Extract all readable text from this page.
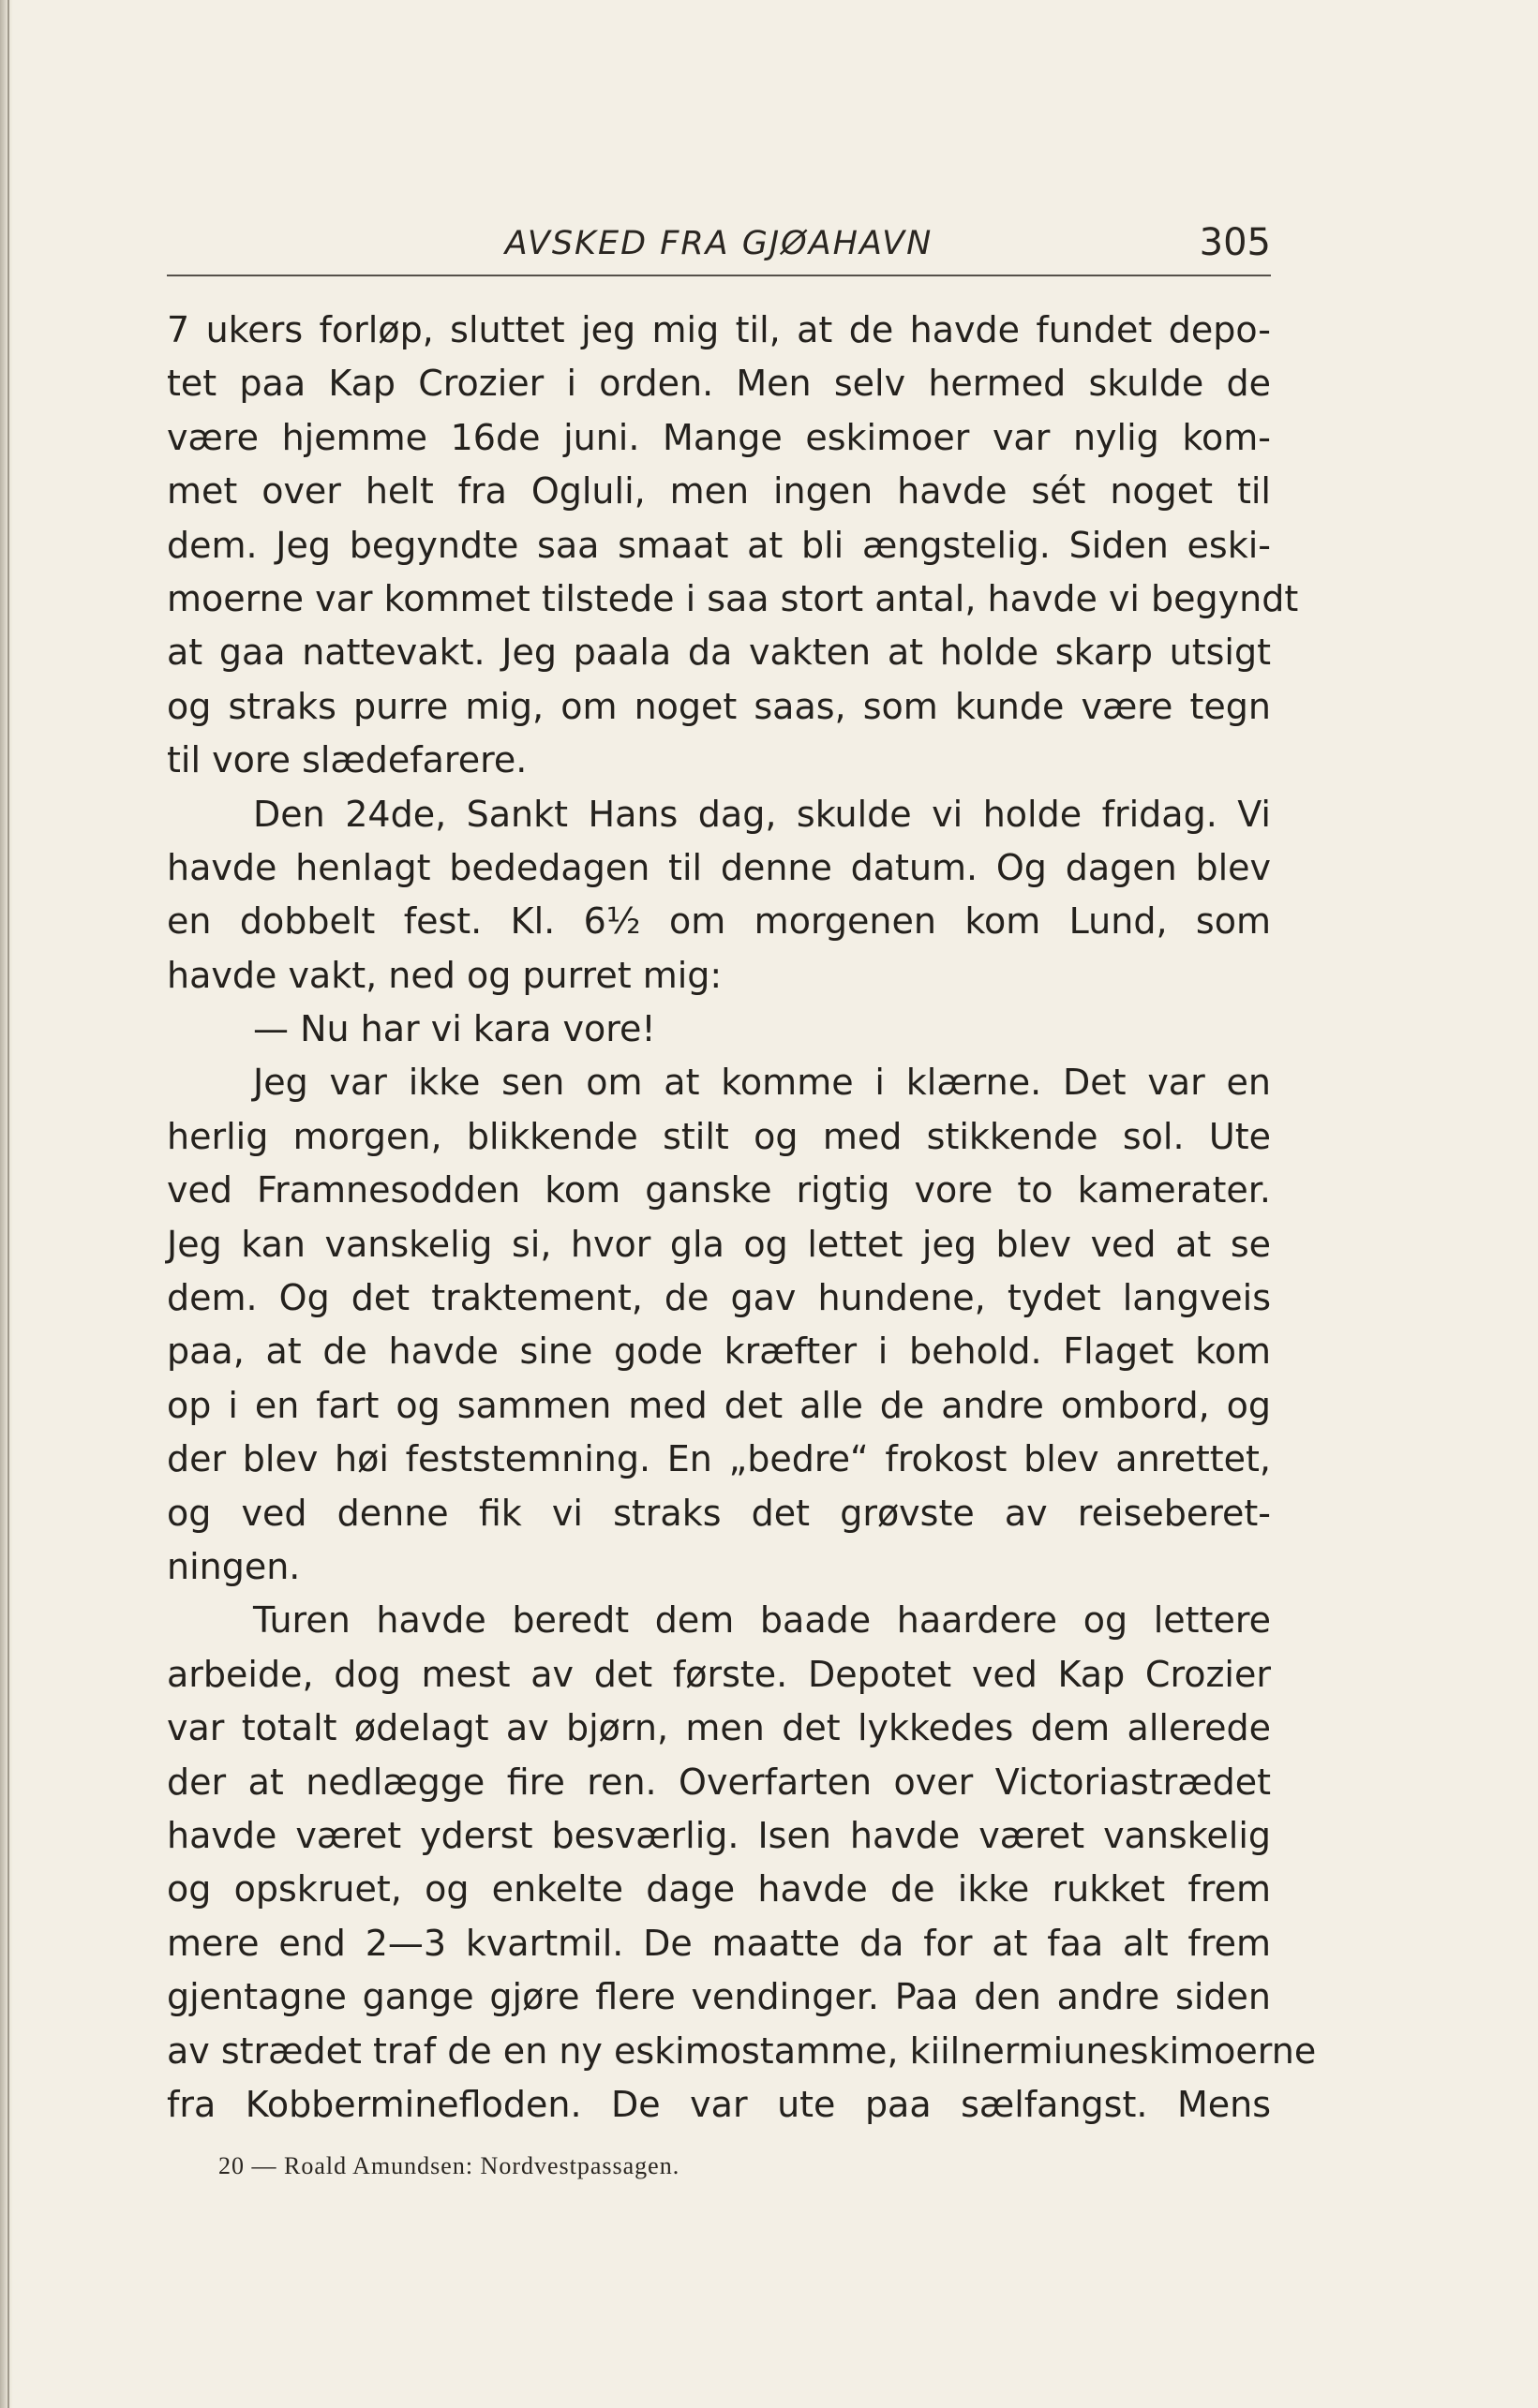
AVSKED FRA GJØAHAVN	305
7 ukers forløp, sluttet jeg mig til, at de havde fundet depo-
tet paa Kap Crozier i orden. Men selv hermed skulde de
være hjemme 16de juni. Mange eskimoer var nylig kom-
met over helt fra Ogluli, men ingen havde sét noget til
dem. Jeg begyndte saa smaat at bli ængstelig. Siden eski-
moerne var kommet tilstede i saa stort antal, havde vi begyndt
at gaa nattevakt. Jeg paala da vakten at holde skarp utsigt
og straks purre mig, om noget saas, som kunde være tegn
til vore slædefarere.
Den 24de, Sankt Hans dag, skulde vi holde fridag. Vi
havde henlagt bededagen til denne datum. Og dagen blev
en dobbelt fest. Kl. 6½ om morgenen kom Lund, som
havde vakt, ned og purret mig:
— Nu har vi kara vore!
Jeg var ikke sen om at komme i klærne. Det var en
herlig morgen, blikkende stilt og med stikkende sol. Ute
ved Framnesodden kom ganske rigtig vore to kamerater.
Jeg kan vanskelig si, hvor gla og lettet jeg blev ved at se
dem. Og det traktement, de gav hundene, tydet langveis
paa, at de havde sine gode kræfter i behold. Flaget kom
op i en fart og sammen med det alle de andre ombord, og
der blev høi feststemning. En „bedre“ frokost blev anrettet,
og ved denne fik vi straks det grøvste av reiseberet-
ningen.
Turen havde beredt dem baade haardere og lettere
arbeide, dog mest av det første. Depotet ved Kap Crozier
var totalt ødelagt av bjørn, men det lykkedes dem allerede
der at nedlægge fire ren. Overfarten over Victoriastrædet
havde været yderst besværlig. Isen havde været vanskelig
og opskruet, og enkelte dage havde de ikke rukket frem
mere end 2—3 kvartmil. De maatte da for at faa alt frem
gjentagne gange gjøre flere vendinger. Paa den andre siden
av strædet traf de en ny eskimostamme, kiilnermiuneskimoerne
fra Kobberminefloden. De var ute paa sælfangst. Mens
20 — Roald Amundsen: Nordvestpassagen.
